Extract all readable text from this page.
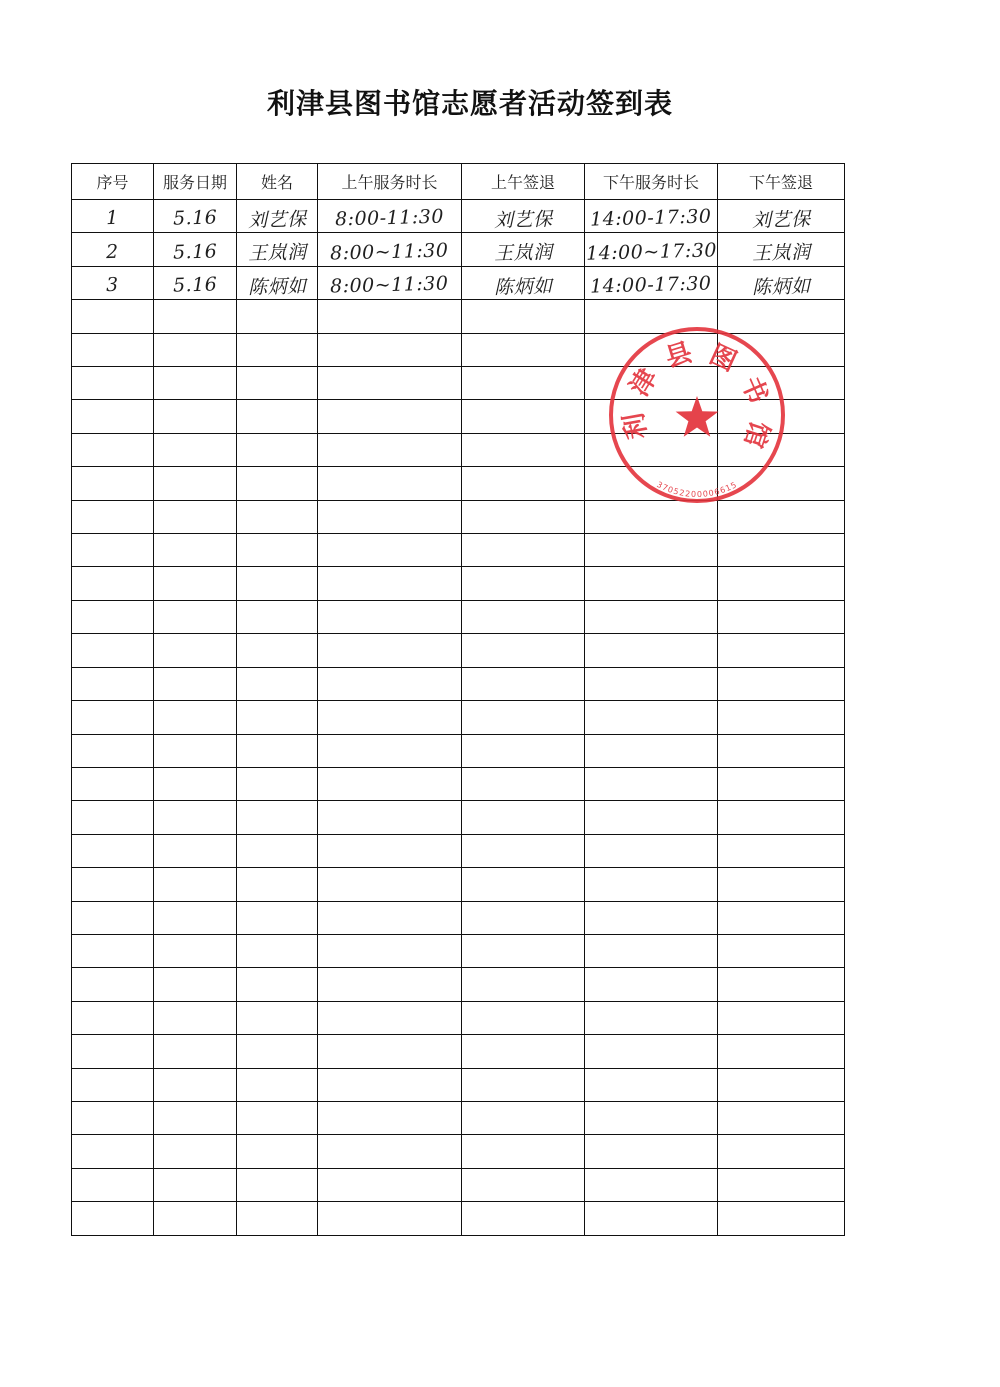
利津县图书馆志愿者活动签到表
序号	服务日期	姓名	上午服务时长	上午签退	下午服务时长	下午签退
1	5.16	刘艺保	8:00-11:30	刘艺保	14:00-17:30	刘艺保
2	5.16	王岚润	8:00~11:30	王岚润	14:00~17:30	王岚润
3	5.16	陈炳如	8:00~11:30	陈炳如	14:00-17:30	陈炳如

利津县图书馆
37052200006615
